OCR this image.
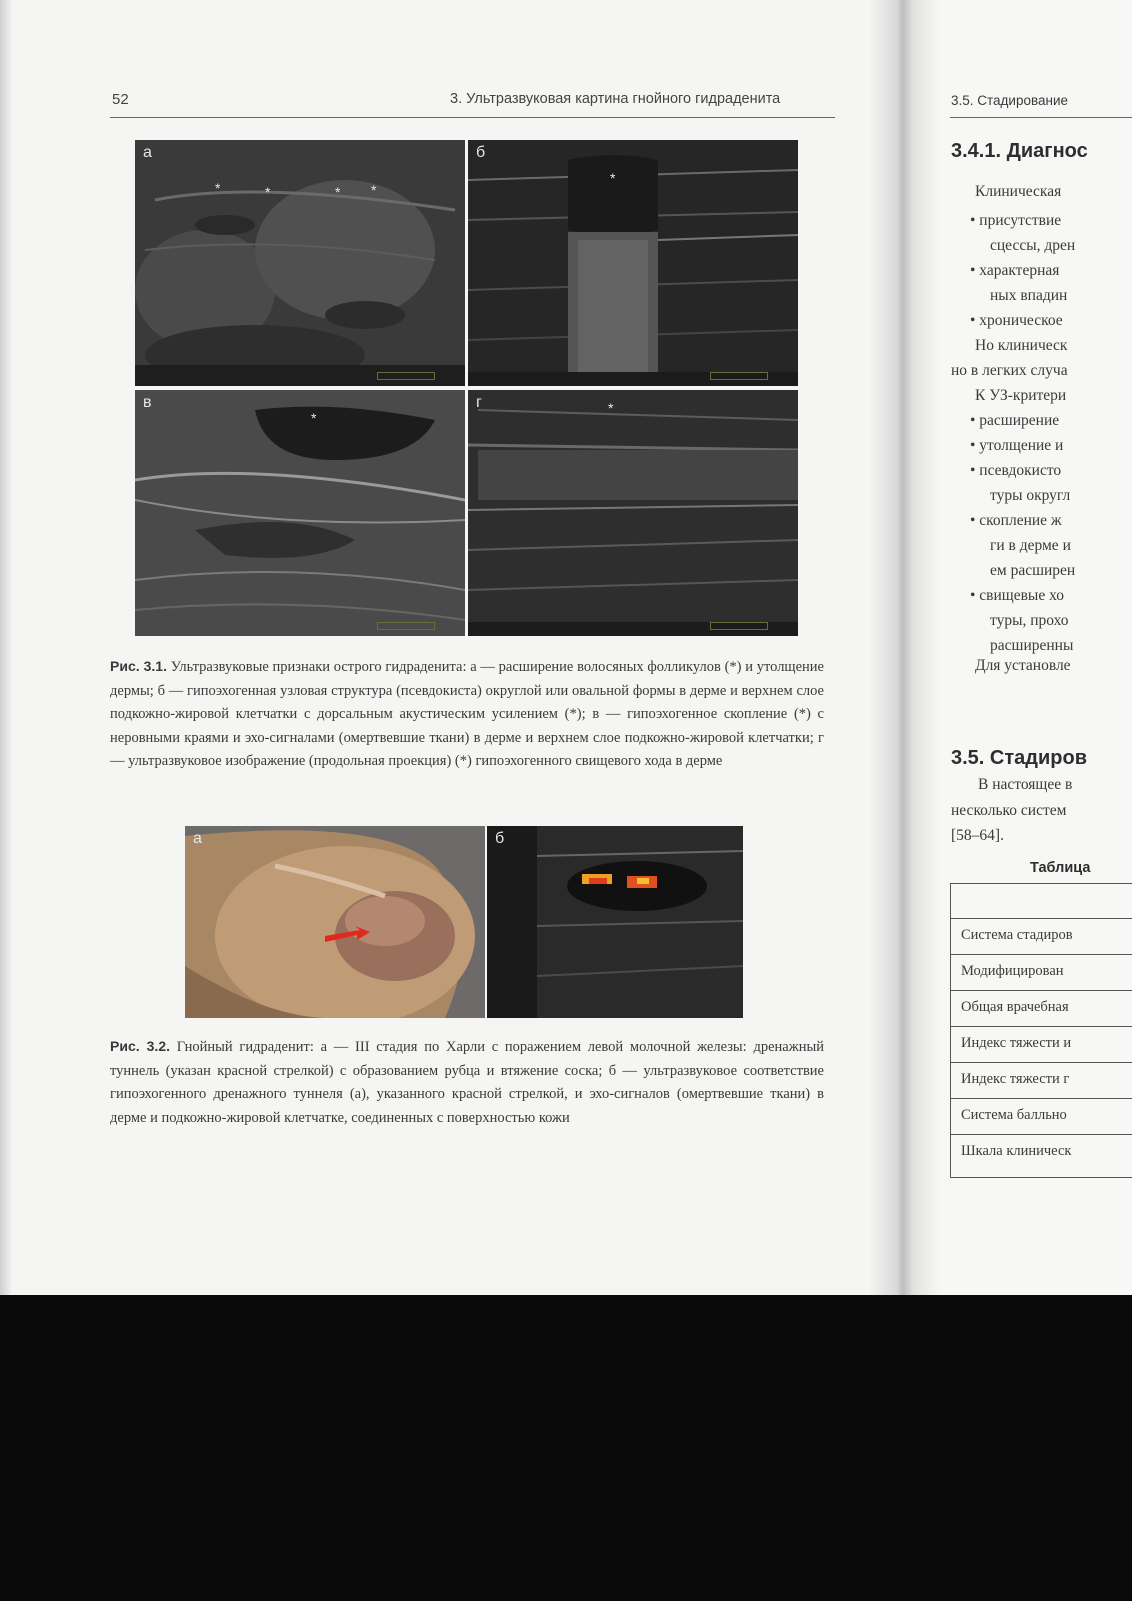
52	3. Ультразвуковая картина гнойного гидраденита
а
*	*	* *
б
*
в
*
г	*
Рис. 3.1. Ультразвуковые признаки острого гидраденита: а — расширение волосяных фолликулов (*) и утолщение дермы; б — гипоэхогенная узловая структура (псевдокиста) округлой или овальной формы в дерме и верхнем слое подкожно-жировой клетчатки с дорсальным акустическим усилением (*); в — гипоэхогенное скопление (*) с неровными краями и эхо-сигналами (омертвевшие ткани) в дерме и верхнем слое подкожно-жировой клетчатки; г — ультразвуковое изображение (продольная проекция) (*) гипоэхогенного свищевого хода в дерме
а	б
Рис. 3.2. Гнойный гидраденит: а — III стадия по Харли с поражением левой молочной железы: дренажный туннель (указан красной стрелкой) с образованием рубца и втяжение соска; б — ультразвуковое соответствие гипоэхогенного дренажного туннеля (а), указанного красной стрелкой, и эхо-сигналов (омертвевшие ткани) в дерме и подкожно-жировой клетчатке, соединенных с поверхностью кожи
3.5. Стадирование
3.4.1. Диагнос
Клиническая
• присутствие
сцессы, дрен
• характерная
ных впадин
• хроническое
Но клиническ
но в легких случа
К УЗ-критери
• расширение
• утолщение и
• псевдокисто
туры округл
• скопление ж
ги в дерме и
ем расширен
• свищевые хо
туры, прохо
расширенны
Для установле
3.5. Стадиров
В настоящее в
несколько систем
[58–64].
Таблица
Система стадиров
Модифицирован
Общая врачебная
Индекс тяжести и
Индекс тяжести г
Система балльно
Шкала клиническ
